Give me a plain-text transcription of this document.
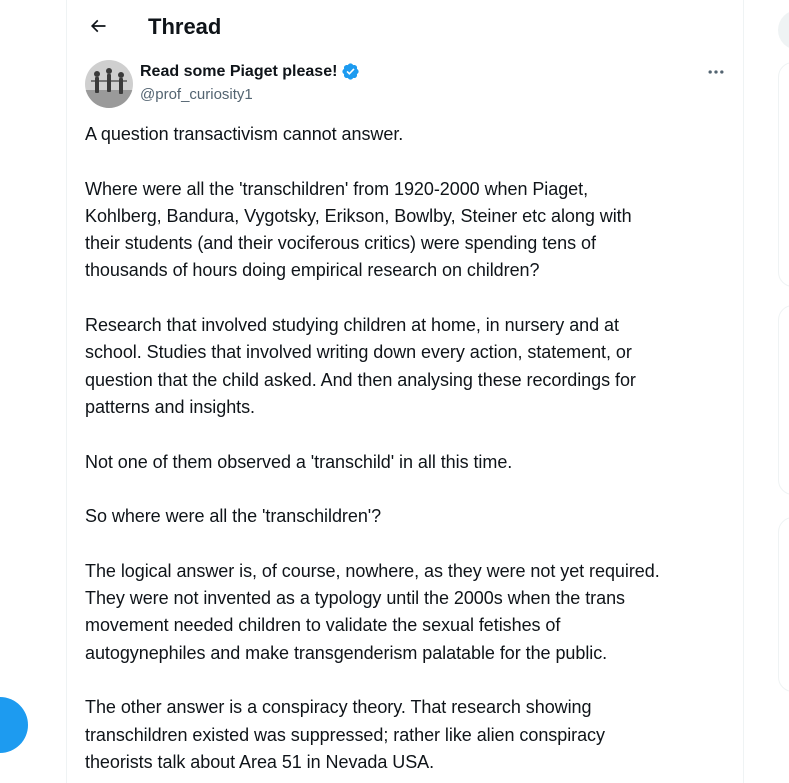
Thread
Read some Piaget please!
@prof_curiosity1

A question transactivism cannot answer.

Where were all the 'transchildren' from 1920-2000 when Piaget,
Kohlberg, Bandura, Vygotsky, Erikson, Bowlby, Steiner etc along with
their students (and their vociferous critics) were spending tens of
thousands of hours doing empirical research on children?

Research that involved studying children at home, in nursery and at
school. Studies that involved writing down every action, statement, or
question that the child asked. And then analysing these recordings for
patterns and insights.

Not one of them observed a 'transchild' in all this time.

So where were all the 'transchildren'?

The logical answer is, of course, nowhere, as they were not yet required.
They were not invented as a typology until the 2000s when the trans
movement needed children to validate the sexual fetishes of
autogynephiles and make transgenderism palatable for the public.

The other answer is a conspiracy theory. That research showing
transchildren existed was suppressed; rather like alien conspiracy
theorists talk about Area 51 in Nevada USA.
